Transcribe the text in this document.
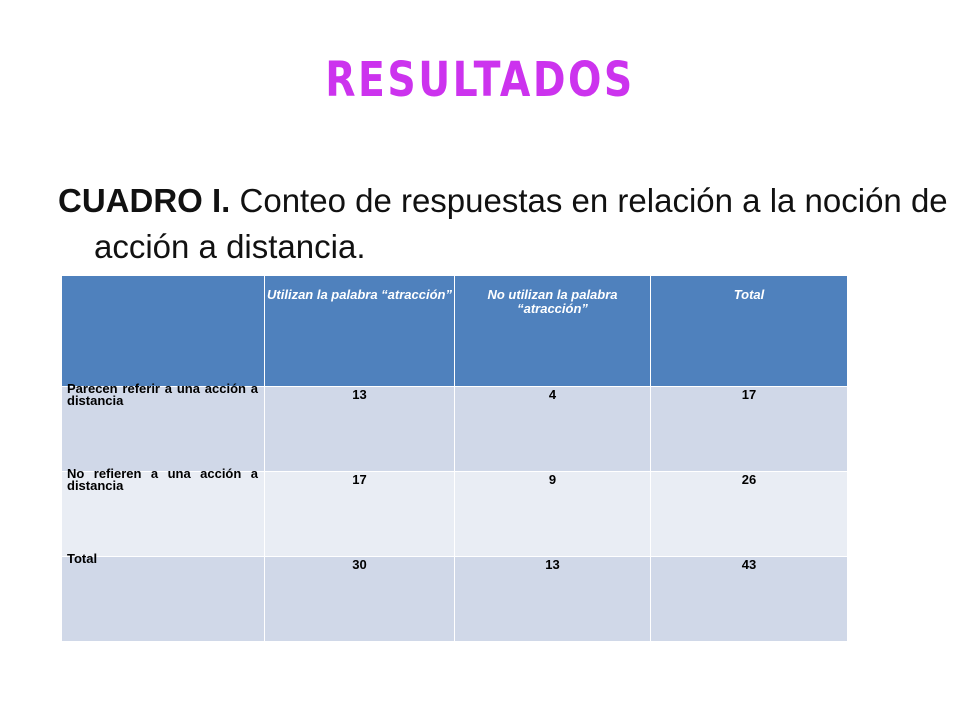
RESULTADOS
CUADRO I. Conteo de respuestas en relación a la noción de acción a distancia.
	Utilizan la palabra “atracción”	No utilizan la palabra “atracción”	Total

Parecen referir a una acción a distancia	13	4	17

No refieren a una acción a distancia	17	9	26

Total	30	13	43
